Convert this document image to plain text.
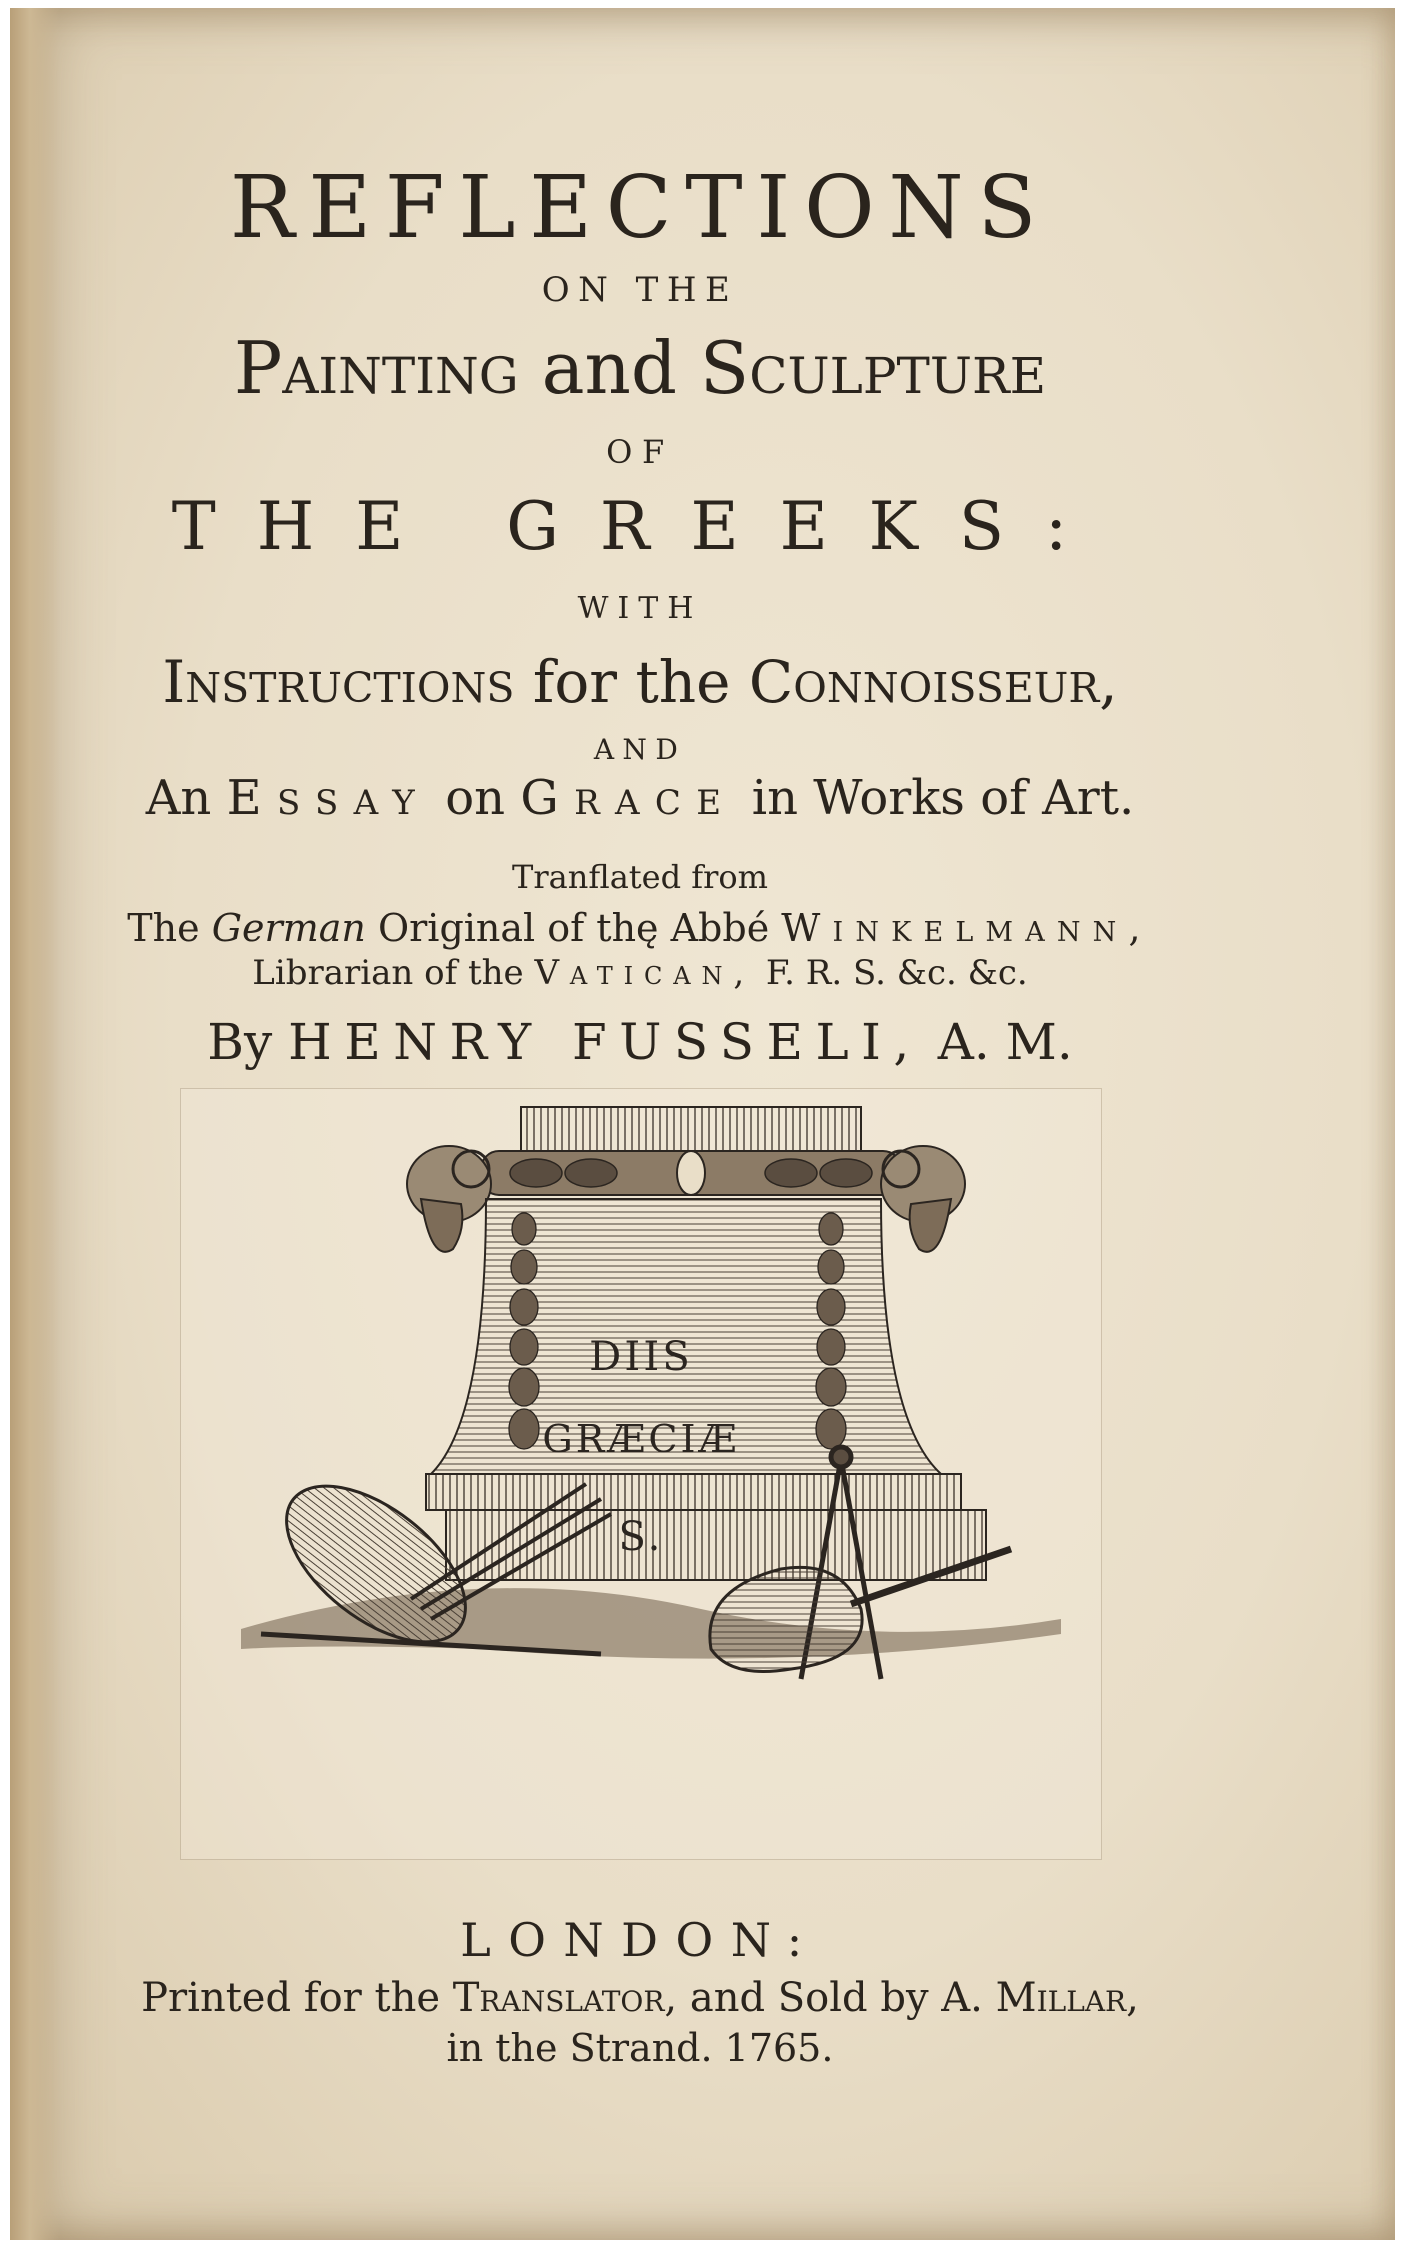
REFLECTIONS
ON THE
Painting and Sculpture
OF
THE GREEKS:
WITH
Instructions for the Connoisseur,
AND
An Essay on Grace in Works of Art.
Tranflated from
The German Original of thę Abbé Winkelmann,
Librarian of the Vatican, F. R. S. &c. &c.
By HENRY FUSSELI, A. M.
DIIS
GRÆCIÆ
S.
LONDON:
Printed for the Translator, and Sold by A. Millar,
in the Strand. 1765.
